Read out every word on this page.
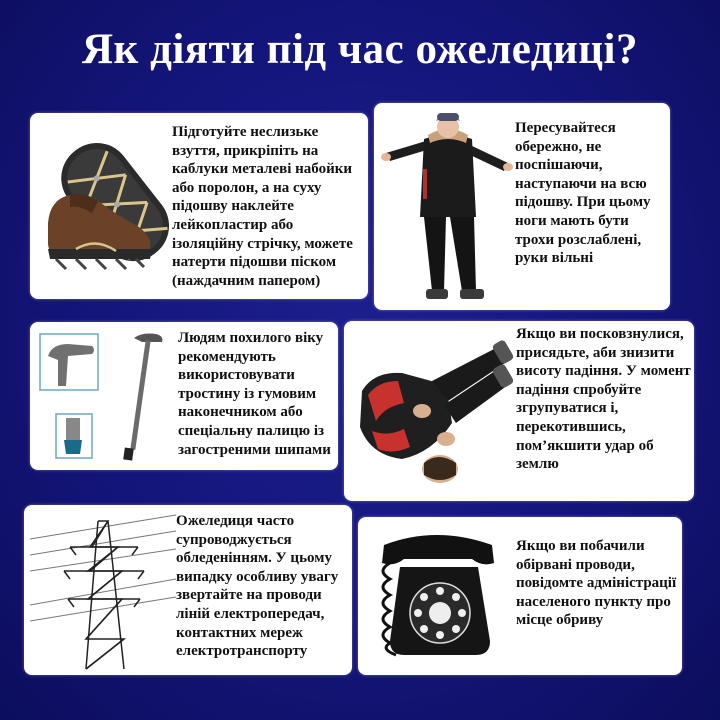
Як діяти під час ожеледиці?
Підготуйте неслизьке взуття, прикріпіть на каблуки металеві набойки або поролон, а на суху підошву наклейте лейкопластир або ізоляційну стрічку, можете натерти підошви піском (наждачним папером)
Пересувайтеся обережно, не поспішаючи, наступаючи на всю підошву. При цьому ноги мають бути трохи розслаблені, руки вільні
Людям похилого віку рекомендують використовувати тростину із гумовим наконечником або спеціальну палицю із загостреними шипами
Якщо ви посковзнулися, присядьте, аби знизити висоту падіння. У момент падіння спробуйте згрупуватися і, перекотившись, пом’якшити удар об землю
Ожеледиця часто супроводжується обледенінням. У цьому випадку особливу увагу звертайте на проводи ліній електропередач, контактних мереж електротранспорту
Якщо ви побачили обірвані проводи, повідомте адміністрації населеного пункту про місце обриву
